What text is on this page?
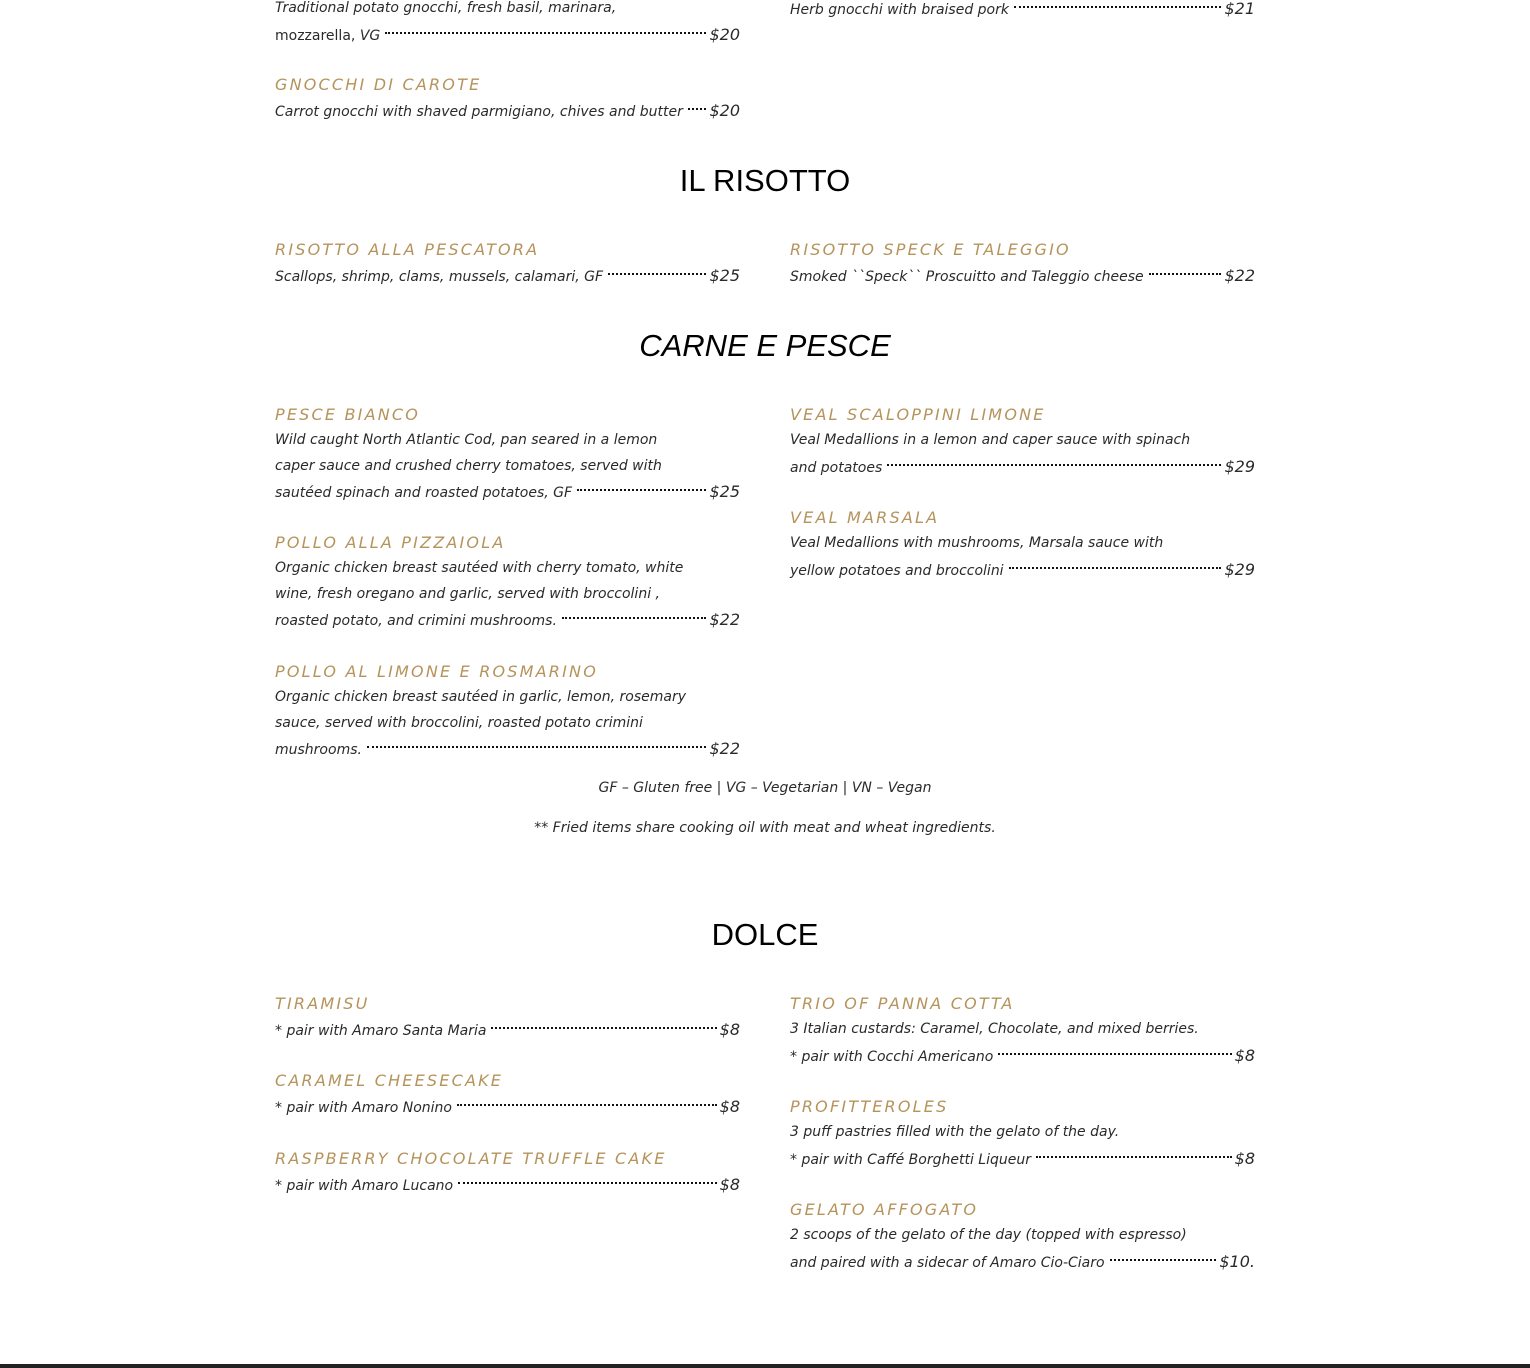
Traditional potato gnocchi, fresh basil, marinara,
mozzarella, VG	$20
Herb gnocchi with braised pork	$21
GNOCCHI DI CAROTE
Carrot gnocchi with shaved parmigiano, chives and butter $20
IL RISOTTO
RISOTTO ALLA PESCATORA
Scallops, shrimp, clams, mussels, calamari, GF	$25
RISOTTO SPECK E TALEGGIO
Smoked ``Speck`` Proscuitto and Taleggio cheese	$22
CARNE E PESCE
PESCE BIANCO
Wild caught North Atlantic Cod, pan seared in a lemon
caper sauce and crushed cherry tomatoes, served with
sautéed spinach and roasted potatoes, GF	$25
POLLO ALLA PIZZAIOLA
Organic chicken breast sautéed with cherry tomato, white
wine, fresh oregano and garlic, served with broccolini ,
roasted potato, and crimini mushrooms.	$22
POLLO AL LIMONE E ROSMARINO
Organic chicken breast sautéed in garlic, lemon, rosemary
sauce, served with broccolini, roasted potato crimini
mushrooms.	$22
VEAL SCALOPPINI LIMONE
Veal Medallions in a lemon and caper sauce with spinach
and potatoes	$29
VEAL MARSALA
Veal Medallions with mushrooms, Marsala sauce with
yellow potatoes and broccolini	$29
GF – Gluten free | VG – Vegetarian | VN – Vegan
** Fried items share cooking oil with meat and wheat ingredients.
DOLCE
TIRAMISU
* pair with Amaro Santa Maria	$8
CARAMEL CHEESECAKE
* pair with Amaro Nonino	$8
RASPBERRY CHOCOLATE TRUFFLE CAKE
* pair with Amaro Lucano	$8
TRIO OF PANNA COTTA
3 Italian custards: Caramel, Chocolate, and mixed berries.
* pair with Cocchi Americano	$8
PROFITTEROLES
3 puff pastries filled with the gelato of the day.
* pair with Caffé Borghetti Liqueur	$8
GELATO AFFOGATO
2 scoops of the gelato of the day (topped with espresso)
and paired with a sidecar of Amaro Cio-Ciaro	$10.
